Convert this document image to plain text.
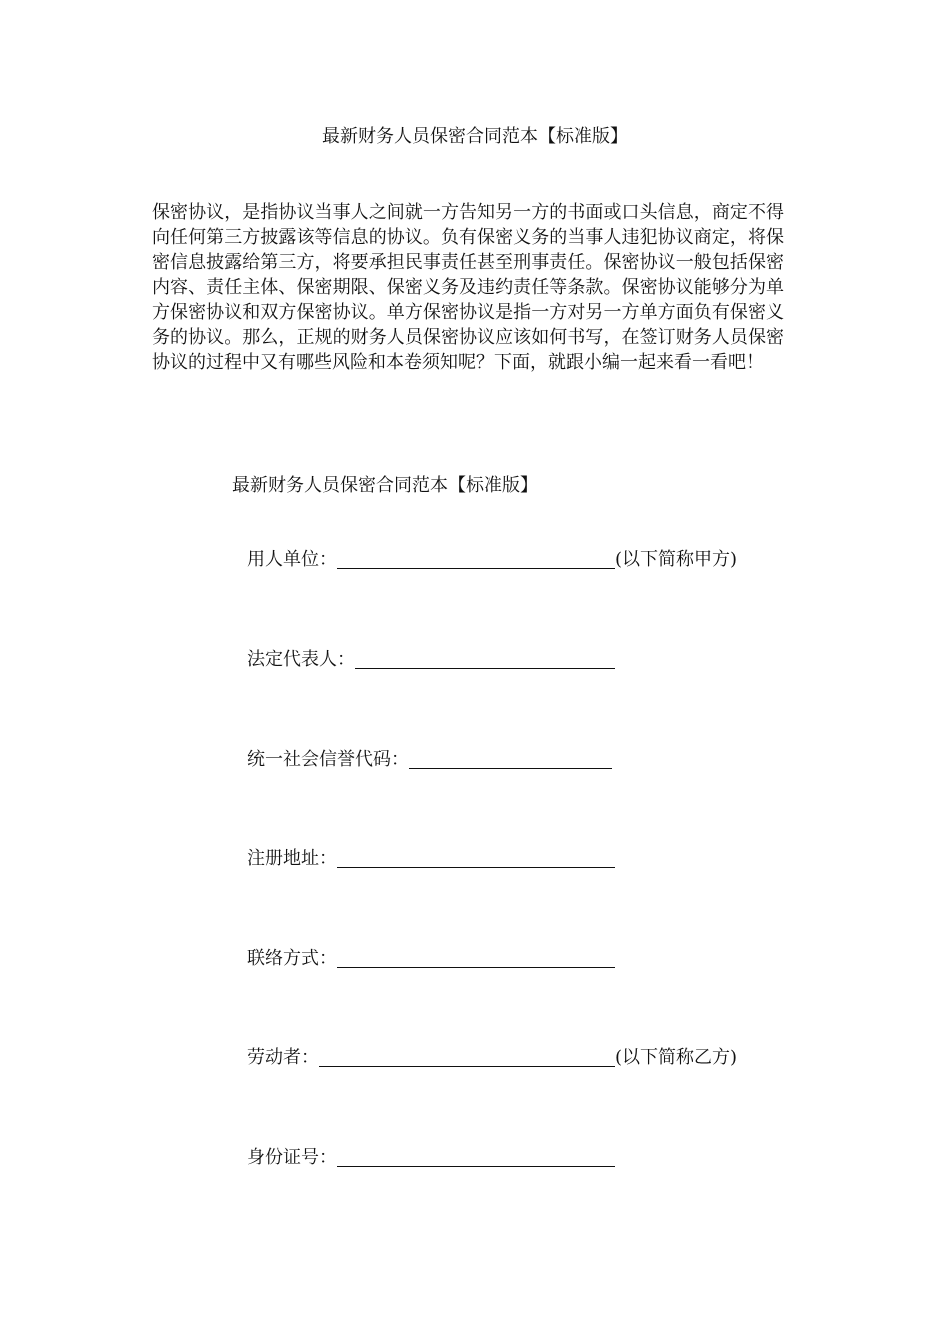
最新财务人员保密合同范本【标准版】
保密协议，是指协议当事人之间就一方告知另一方的书面或口头信息，商定不得向任何第三方披露该等信息的协议。负有保密义务的当事人违犯协议商定，将保密信息披露给第三方，将要承担民事责任甚至刑事责任。保密协议一般包括保密内容、责任主体、保密期限、保密义务及违约责任等条款。保密协议能够分为单方保密协议和双方保密协议。单方保密协议是指一方对另一方单方面负有保密义务的协议。那么，正规的财务人员保密协议应该如何书写，在签订财务人员保密协议的过程中又有哪些风险和本卷须知呢？下面，就跟小编一起来看一看吧！
最新财务人员保密合同范本【标准版】
用人单位：	(以下简称甲方)
法定代表人：
统一社会信誉代码：
注册地址：
联络方式：
劳动者：	(以下简称乙方)
身份证号：
